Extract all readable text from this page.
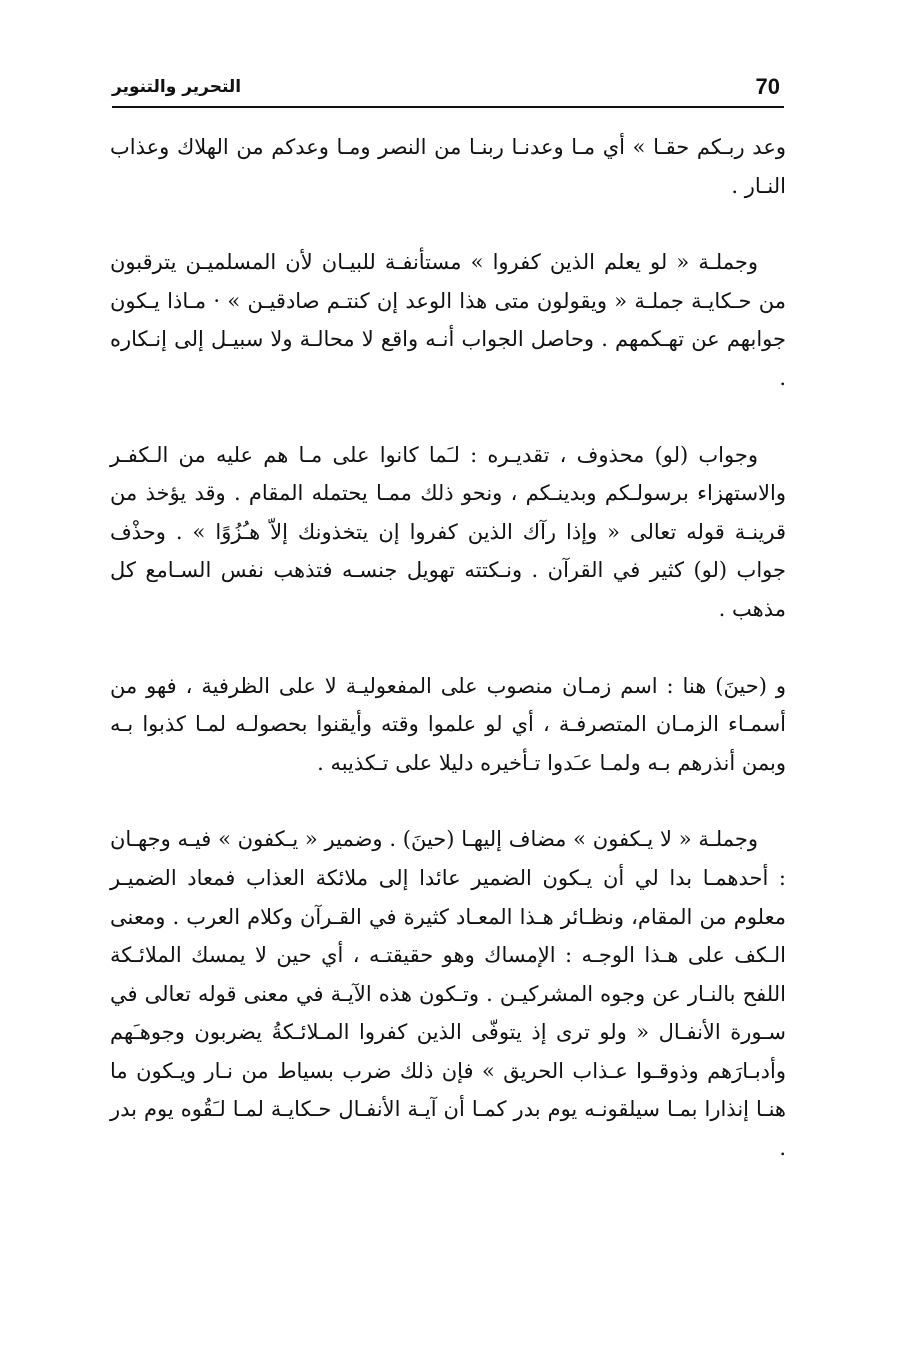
70
التحرير والتنوير

وعد ربـكم حقـا » أي مـا وعدنـا ربنـا من النصر ومـا وعدكم من الهلاك وعذاب النـار .

وجملـة « لو يعلم الذين كفروا » مستأنفـة للبيـان لأن المسلميـن يترقبون من حـكايـة جملـة « ويقولون متى هذا الوعد إن كنتـم صادقيـن » · مـاذا يـكون جوابهم عن تهـكمهم . وحاصل الجواب أنـه واقع لا محالـة ولا سبيـل إلى إنـكاره .

وجواب (لو) محذوف ، تقديـره : لـَما كانوا على مـا هم عليه من الـكفـر والاستهزاء برسولـكم وبدينـكم ، ونحو ذلك ممـا يحتمله المقام . وقد يؤخذ من قرينـة قوله تعالى « وإذا رآك الذين كفروا إن يتخذونك إلاّ هـُزُوًا » . وحذْف جواب (لو) كثير في القرآن . ونـكتته تهويل جنسـه فتذهب نفس السـامع كل مذهب .

و (حينَ) هنا : اسم زمـان منصوب على المفعوليـة لا على الظرفية ، فهو من أسمـاء الزمـان المتصرفـة ، أي لو علموا وقته وأيقنوا بحصولـه لمـا كذبوا بـه وبمن أنذرهم بـه ولمـا عـَدوا تـأخيره دليلا على تـكذيبه .

وجملـة « لا يـكفون » مضاف إليهـا (حينَ) . وضمير « يـكفون » فيـه وجهـان : أحدهمـا بدا لي أن يـكون الضمير عائدا إلى ملائكة العذاب فمعاد الضميـر معلوم من المقام، ونظـائر هـذا المعـاد كثيرة في القـرآن وكلام العرب . ومعنى الـكف على هـذا الوجـه : الإمساك وهو حقيقتـه ، أي حين لا يمسك الملائـكة اللفح بالنـار عن وجوه المشركيـن . وتـكون هذه الآيـة في معنى قوله تعالى في سـورة الأنفـال « ولو ترى إذ يتوفّى الذين كفروا المـلائـكةُ يضربون وجوهـَهم وأدبـارَهم وذوقـوا عـذاب الحريق » فإن ذلك ضرب بسياط من نـار ويـكون ما هنـا إنذارا بمـا سيلقونـه يوم بدر كمـا أن آيـة الأنفـال حـكايـة لمـا لـَقُوه يوم بدر .
